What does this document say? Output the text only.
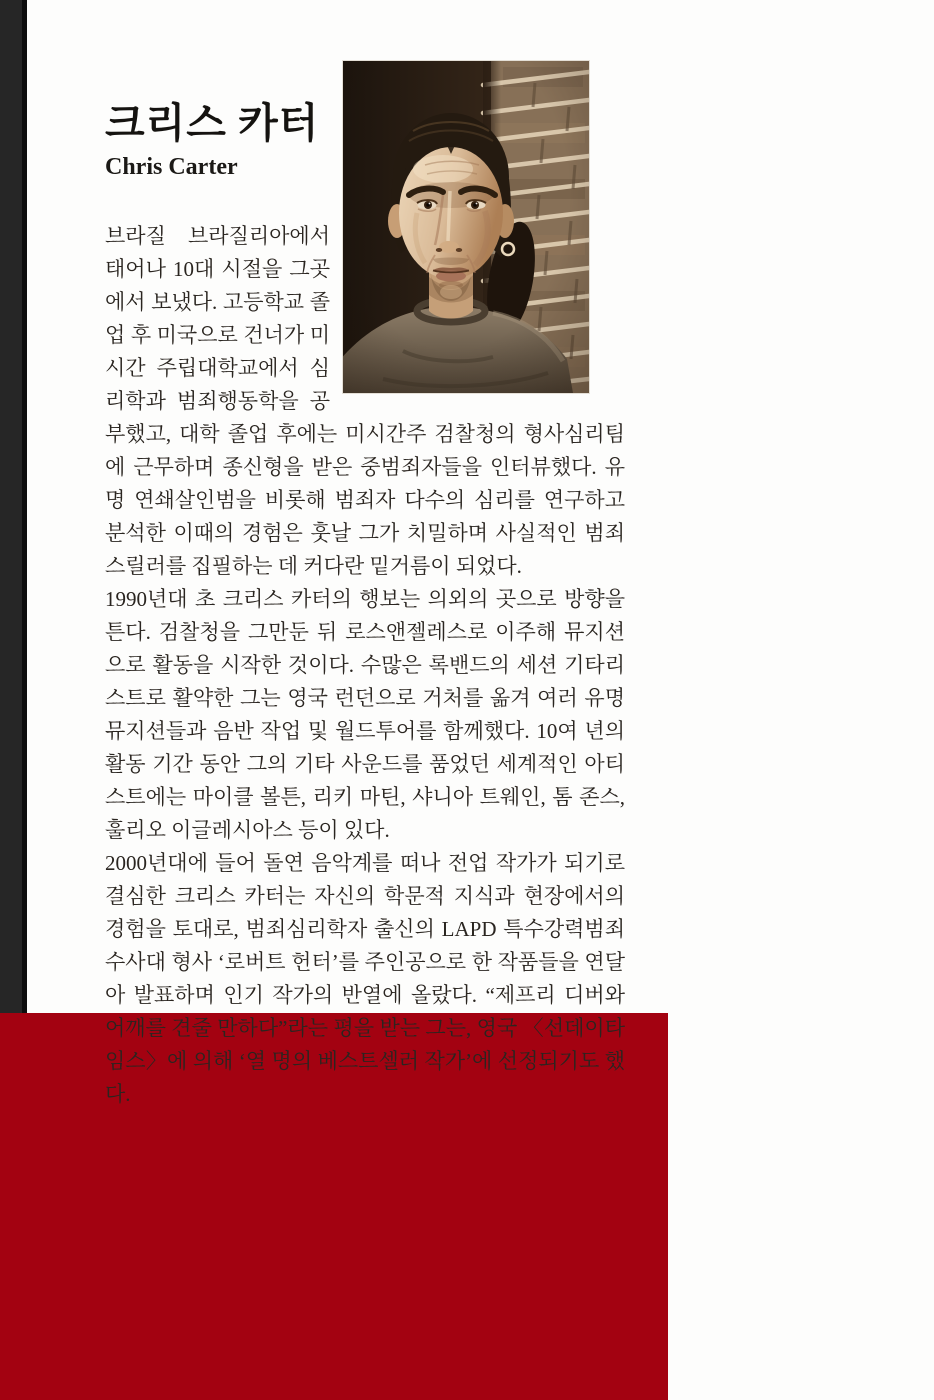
크리스 카터
Chris Carter

브라질 브라질리아에서 태어나 10대 시절을 그곳에서 보냈다. 고등학교 졸업 후 미국으로 건너가 미시간 주립대학교에서 심리학과 범죄행동학을 공부했고, 대학 졸업 후에는 미시간주 검찰청의 형사심리팀에 근무하며 종신형을 받은 중범죄자들을 인터뷰했다. 유명 연쇄살인범을 비롯해 범죄자 다수의 심리를 연구하고 분석한 이때의 경험은 훗날 그가 치밀하며 사실적인 범죄스릴러를 집필하는 데 커다란 밑거름이 되었다.

1990년대 초 크리스 카터의 행보는 의외의 곳으로 방향을 튼다. 검찰청을 그만둔 뒤 로스앤젤레스로 이주해 뮤지션으로 활동을 시작한 것이다. 수많은 록밴드의 세션 기타리스트로 활약한 그는 영국 런던으로 거처를 옮겨 여러 유명 뮤지션들과 음반 작업 및 월드투어를 함께했다. 10여 년의 활동 기간 동안 그의 기타 사운드를 품었던 세계적인 아티스트에는 마이클 볼튼, 리키 마틴, 샤니아 트웨인, 톰 존스, 훌리오 이글레시아스 등이 있다.

2000년대에 들어 돌연 음악계를 떠나 전업 작가가 되기로 결심한 크리스 카터는 자신의 학문적 지식과 현장에서의 경험을 토대로, 범죄심리학자 출신의 LAPD 특수강력범죄수사대 형사 ‘로버트 헌터’를 주인공으로 한 작품들을 연달아 발표하며 인기 작가의 반열에 올랐다. “제프리 디버와 어깨를 견줄 만하다”라는 평을 받는 그는, 영국 〈선데이타임스〉에 의해 ‘열 명의 베스트셀러 작가’에 선정되기도 했다.
